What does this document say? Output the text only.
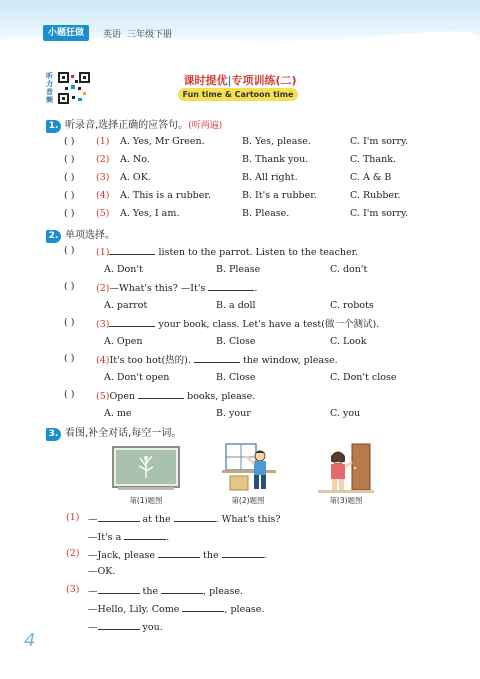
小题狂做	英语 三年级下册
听力音频
课时提优|专项训练(二)
Fun time & Cartoon time
1. 听录音,选择正确的应答句。(听两遍)
( ) (1) A. Yes, Mr Green.	B. Yes, please.	C. I'm sorry.
( ) (2) A. No.	B. Thank you.	C. Thank.
( ) (3) A. OK.	B. All right.	C. A & B
( ) (4) A. This is a rubber.	B. It's a rubber.	C. Rubber.
( ) (5) A. Yes, I am.	B. Please.	C. I'm sorry.
2. 单项选择。
( ) (1)	listen to the parrot. Listen to the teacher.
A. Don't	B. Please	C. don't
( ) (2)—What's this? —It's	.
A. parrot	B. a doll	C. robots
( ) (3)	your book, class. Let's have a test(做一个测试).
A. Open	B. Close	C. Look
( ) (4)It's too hot(热的).	the window, please.
A. Don't open	B. Close	C. Don't close
( ) (5)Open	books, please.
A. me	B. your	C. you
3. 看图,补全对话,每空一词。
第(1)题图	第(2)题图	第(3)题图
(1) —	at the	. What's this?
—It's a	.
(2) —Jack, please	the	.
—OK.
(3) —	the	, please.
—Hello, Lily. Come	, please.
—	you.
4
